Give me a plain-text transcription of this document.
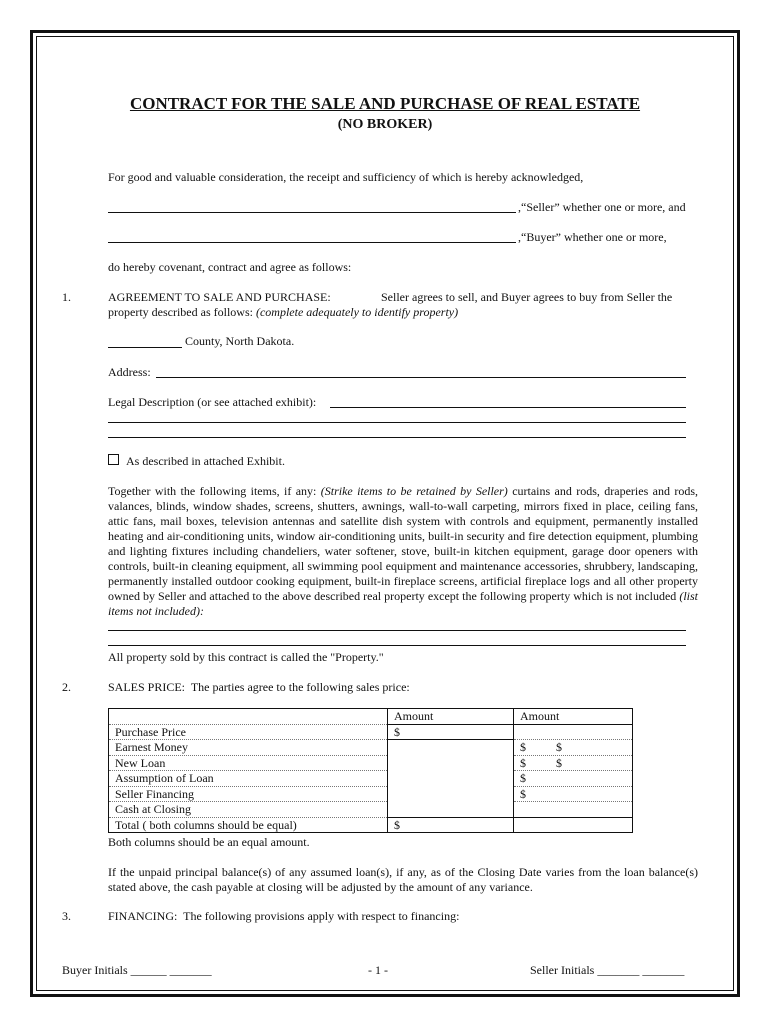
CONTRACT FOR THE SALE AND PURCHASE OF REAL ESTATE
(NO BROKER)
For good and valuable consideration, the receipt and sufficiency of which is hereby acknowledged,
,“Seller” whether one or more, and
,“Buyer” whether one or more,
do hereby covenant, contract and agree as follows:
1.	AGREEMENT TO SALE AND PURCHASE:	Seller agrees to sell, and Buyer agrees to buy from Seller the
property described as follows: (complete adequately to identify property)
County, North Dakota.
Address:
Legal Description (or see attached exhibit):
As described in attached Exhibit.
Together with the following items, if any: (Strike items to be retained by Seller) curtains and rods, draperies and rods, valances, blinds, window shades, screens, shutters, awnings, wall-to-wall carpeting, mirrors fixed in place, ceiling fans, attic fans, mail boxes, television antennas and satellite dish system with controls and equipment, permanently installed heating and air-conditioning units, window air-conditioning units, built-in security and fire detection equipment, plumbing and lighting fixtures including chandeliers, water softener, stove, built-in kitchen equipment, garage door openers with controls, built-in cleaning equipment, all swimming pool equipment and maintenance accessories, shrubbery, landscaping, permanently installed outdoor cooking equipment, built-in fireplace screens, artificial fireplace logs and all other property owned by Seller and attached to the above described real property except the following property which is not included (list items not included):
All property sold by this contract is called the "Property."
2.	SALES PRICE: The parties agree to the following sales price:
	Amount	Amount
Purchase Price	$	
Earnest Money		$ $
New Loan		$ $
Assumption of Loan		$
Seller Financing		$
Cash at Closing		
Total ( both columns should be equal)	$	
Both columns should be an equal amount.
If the unpaid principal balance(s) of any assumed loan(s), if any, as of the Closing Date varies from the loan balance(s) stated above, the cash payable at closing will be adjusted by the amount of any variance.
3.	FINANCING: The following provisions apply with respect to financing:
Buyer Initials ______ _______	- 1 -	Seller Initials _______ _______
